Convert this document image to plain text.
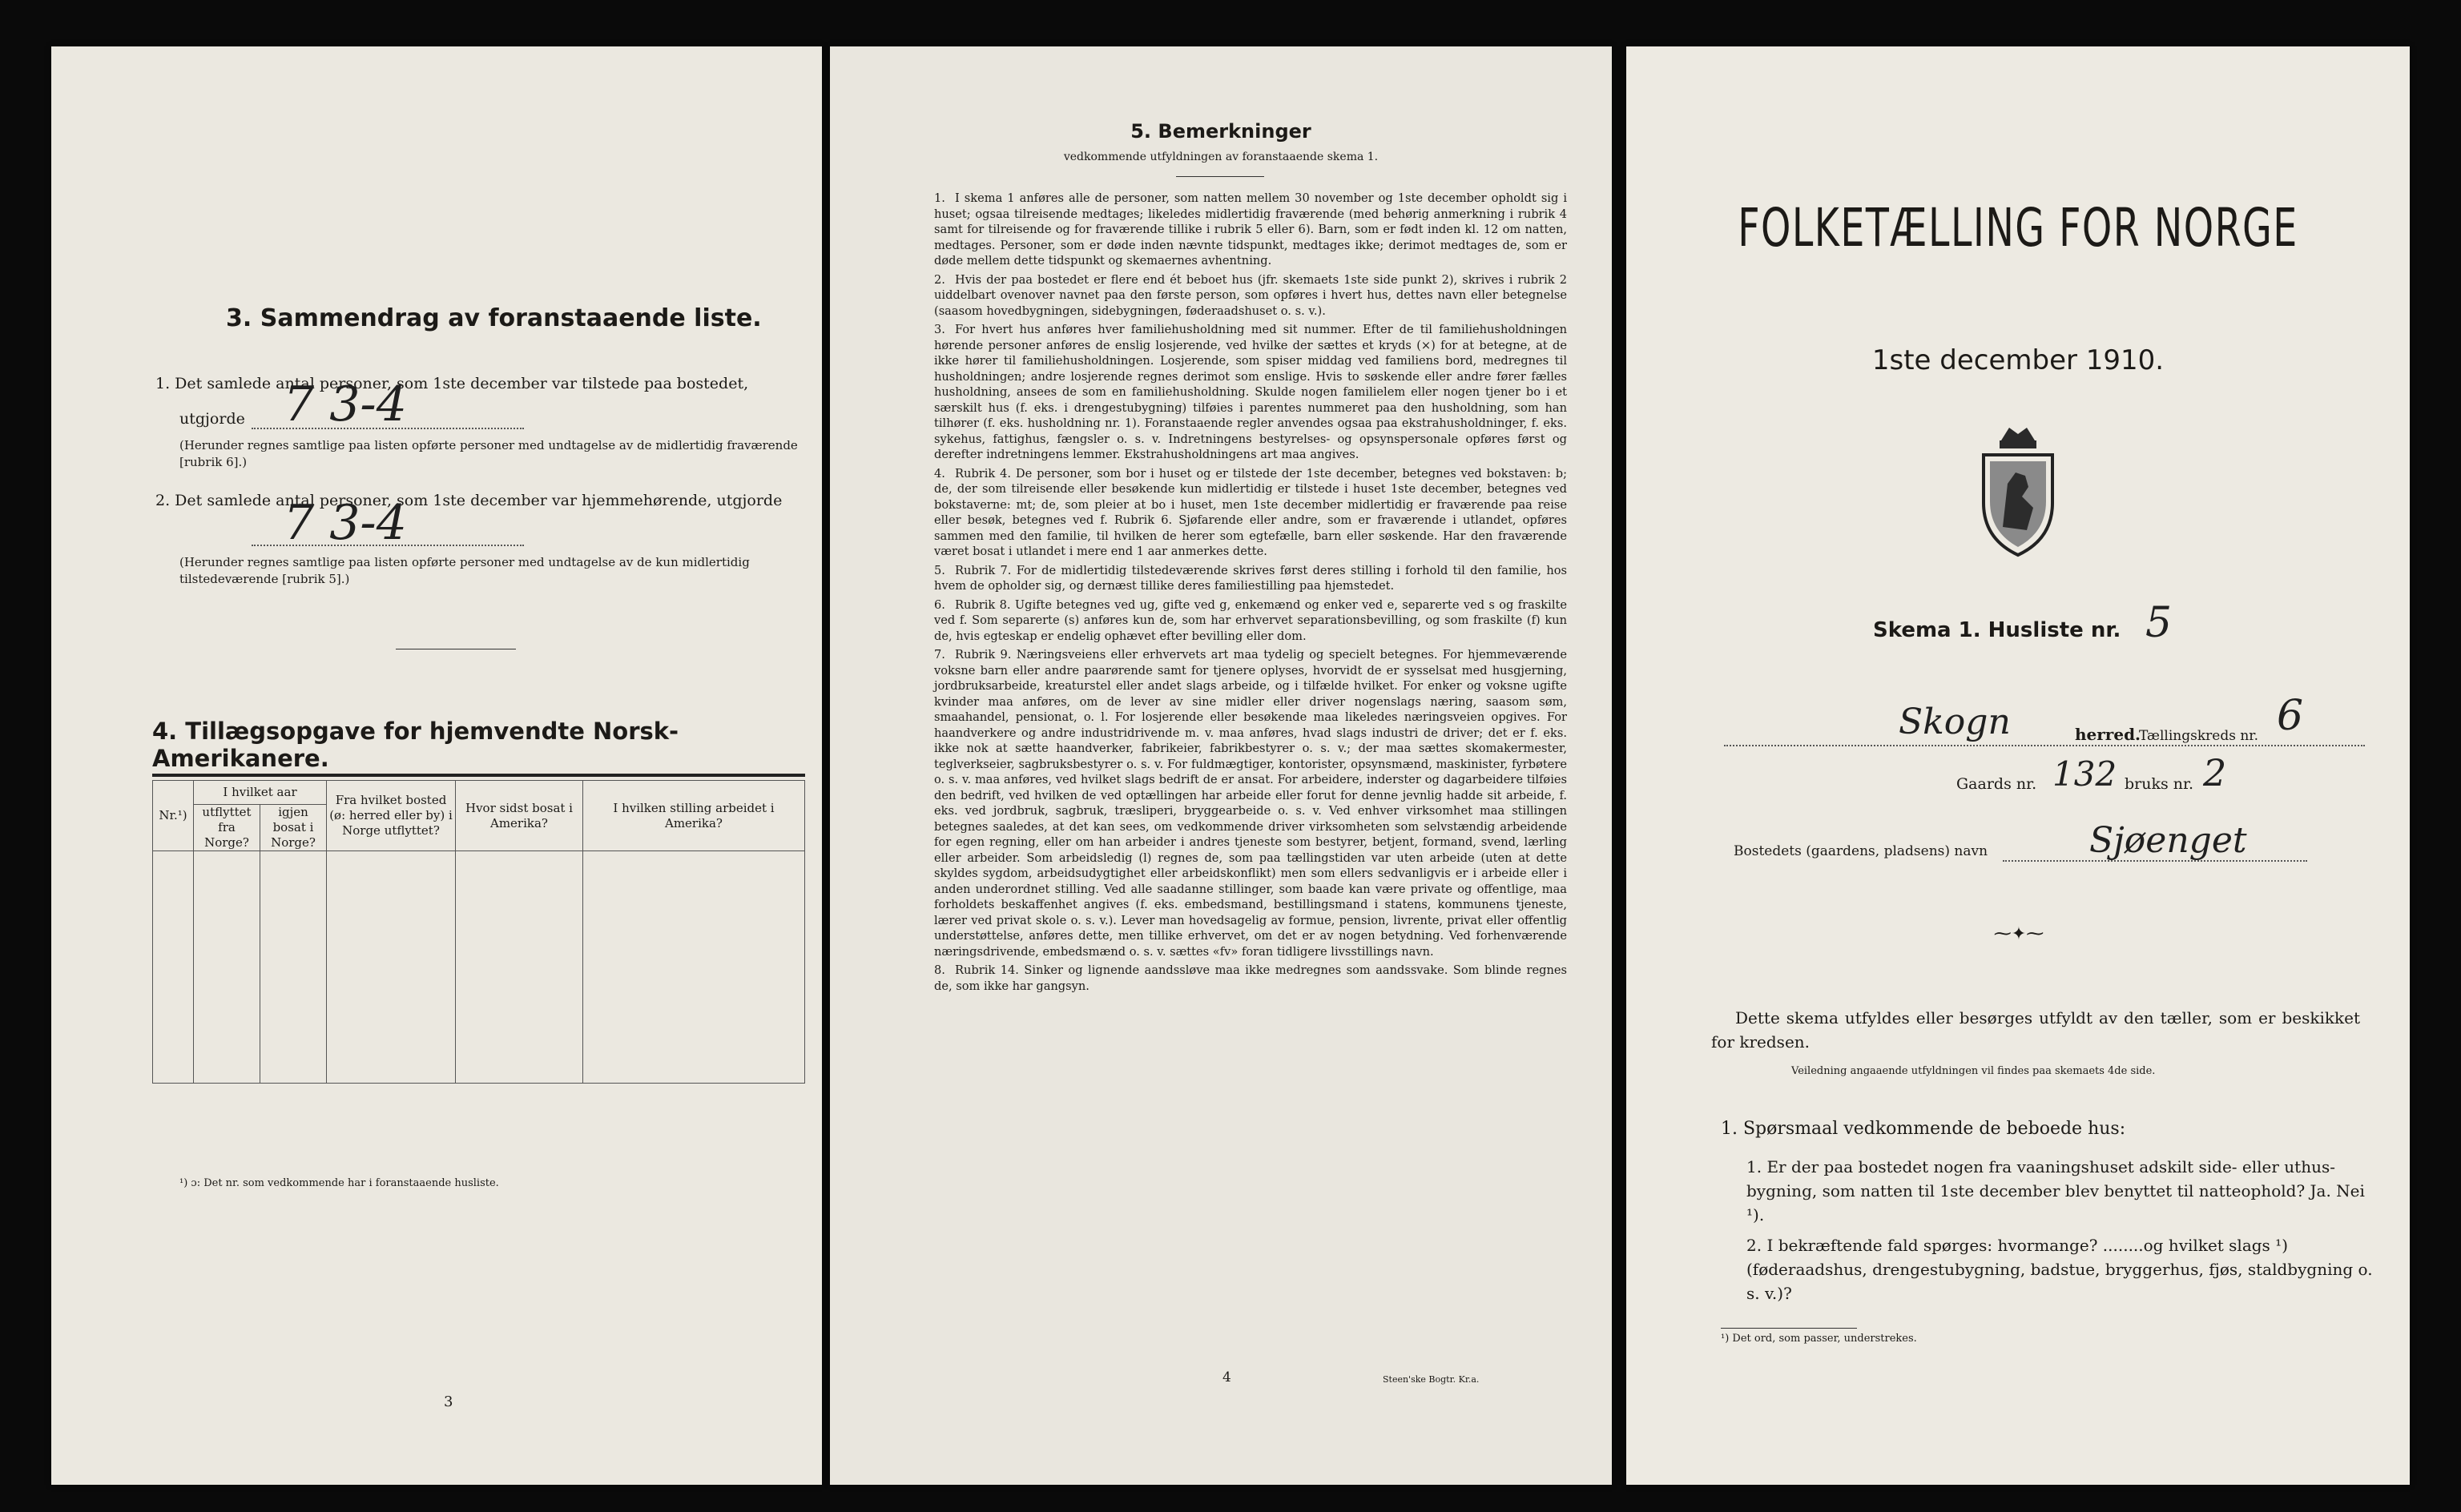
3. Sammendrag av foranstaaende liste.
1. Det samlede antal personer, som 1ste december var tilstede paa bostedet,
utgjorde 7 3-4
(Herunder regnes samtlige paa listen opførte personer med undtagelse av de midlertidig fraværende [rubrik 6].)
2. Det samlede antal personer, som 1ste december var hjemmehørende, utgjorde
7 3-4
(Herunder regnes samtlige paa listen opførte personer med undtagelse av de kun midlertidig tilstedeværende [rubrik 5].)
4. Tillægsopgave for hjemvendte Norsk-Amerikanere.
Nr.¹)	I hvilket aar		Fra hvilket bosted (ø: herred eller by) i Norge utflyttet?	Hvor sidst bosat i Amerika?	I hvilken stilling arbeidet i Amerika?
	utflyttet fra Norge?	igjen bosat i Norge?			

¹) ɔ: Det nr. som vedkommende har i foranstaaende husliste.
3
5. Bemerkninger
vedkommende utfyldningen av foranstaaende skema 1.

1. I skema 1 anføres alle de personer, som natten mellem 30 november og 1ste december opholdt sig i huset; ogsaa tilreisende medtages; likeledes midlertidig fraværende (med behørig anmerkning i rubrik 4 samt for tilreisende og for fraværende tillike i rubrik 5 eller 6). Barn, som er født inden kl. 12 om natten, medtages. Personer, som er døde inden nævnte tidspunkt, medtages ikke; derimot medtages de, som er døde mellem dette tidspunkt og skemaernes avhentning.

2. Hvis der paa bostedet er flere end ét beboet hus (jfr. skemaets 1ste side punkt 2), skrives i rubrik 2 uiddelbart ovenover navnet paa den første person, som opføres i hvert hus, dettes navn eller betegnelse (saasom hovedbygningen, sidebygningen, føderaadshuset o. s. v.).

3. For hvert hus anføres hver familiehusholdning med sit nummer. Efter de til familiehusholdningen hørende personer anføres de enslig losjerende, ved hvilke der sættes et kryds (×) for at betegne, at de ikke hører til familiehusholdningen. Losjerende, som spiser middag ved familiens bord, medregnes til husholdningen; andre losjerende regnes derimot som enslige. Hvis to søskende eller andre fører fælles husholdning, ansees de som en familiehusholdning. Skulde nogen familielem eller nogen tjener bo i et særskilt hus (f. eks. i drengestubygning) tilføies i parentes nummeret paa den husholdning, som han tilhører (f. eks. husholdning nr. 1). Foranstaaende regler anvendes ogsaa paa ekstrahusholdninger, f. eks. sykehus, fattighus, fængsler o. s. v. Indretningens bestyrelses- og opsynspersonale opføres først og derefter indretningens lemmer. Ekstrahusholdningens art maa angives.

4. Rubrik 4. De personer, som bor i huset og er tilstede der 1ste december, betegnes ved bokstaven: b; de, der som tilreisende eller besøkende kun midlertidig er tilstede i huset 1ste december, betegnes ved bokstaverne: mt; de, som pleier at bo i huset, men 1ste december midlertidig er fraværende paa reise eller besøk, betegnes ved f. Rubrik 6. Sjøfarende eller andre, som er fraværende i utlandet, opføres sammen med den familie, til hvilken de herer som egtefælle, barn eller søskende. Har den fraværende været bosat i utlandet i mere end 1 aar anmerkes dette.

5. Rubrik 7. For de midlertidig tilstedeværende skrives først deres stilling i forhold til den familie, hos hvem de opholder sig, og dernæst tillike deres familiestilling paa hjemstedet.

6. Rubrik 8. Ugifte betegnes ved ug, gifte ved g, enkemænd og enker ved e, separerte ved s og fraskilte ved f. Som separerte (s) anføres kun de, som har erhvervet separationsbevilling, og som fraskilte (f) kun de, hvis egteskap er endelig ophævet efter bevilling eller dom.

7. Rubrik 9. Næringsveiens eller erhvervets art maa tydelig og specielt betegnes. For hjemmeværende voksne barn eller andre paarørende samt for tjenere oplyses, hvorvidt de er sysselsat med husgjerning, jordbruksarbeide, kreaturstel eller andet slags arbeide, og i tilfælde hvilket. For enker og voksne ugifte kvinder maa anføres, om de lever av sine midler eller driver nogenslags næring, saasom søm, smaahandel, pensionat, o. l. For losjerende eller besøkende maa likeledes næringsveien opgives. For haandverkere og andre industridrivende m. v. maa anføres, hvad slags industri de driver; det er f. eks. ikke nok at sætte haandverker, fabrikeier, fabrikbestyrer o. s. v.; der maa sættes skomakermester, teglverkseier, sagbruksbestyrer o. s. v. For fuldmægtiger, kontorister, opsynsmænd, maskinister, fyrbøtere o. s. v. maa anføres, ved hvilket slags bedrift de er ansat. For arbeidere, inderster og dagarbeidere tilføies den bedrift, ved hvilken de ved optællingen har arbeide eller forut for denne jevnlig hadde sit arbeide, f. eks. ved jordbruk, sagbruk, træsliperi, bryggearbeide o. s. v. Ved enhver virksomhet maa stillingen betegnes saaledes, at det kan sees, om vedkommende driver virksomheten som selvstændig arbeidende for egen regning, eller om han arbeider i andres tjeneste som bestyrer, betjent, formand, svend, lærling eller arbeider. Som arbeidsledig (l) regnes de, som paa tællingstiden var uten arbeide (uten at dette skyldes sygdom, arbeidsudygtighet eller arbeidskonflikt) men som ellers sedvanligvis er i arbeide eller i anden underordnet stilling. Ved alle saadanne stillinger, som baade kan være private og offentlige, maa forholdets beskaffenhet angives (f. eks. embedsmand, bestillingsmand i statens, kommunens tjeneste, lærer ved privat skole o. s. v.). Lever man hovedsagelig av formue, pension, livrente, privat eller offentlig understøttelse, anføres dette, men tillike erhvervet, om det er av nogen betydning. Ved forhenværende næringsdrivende, embedsmænd o. s. v. sættes «fv» foran tidligere livsstillings navn.

8. Rubrik 14. Sinker og lignende aandssløve maa ikke medregnes som aandssvake. Som blinde regnes de, som ikke har gangsyn.

4	Steen'ske Bogtr. Kr.a.
FOLKETÆLLING FOR NORGE
1ste december 1910.
Skema 1. Husliste nr. 5
Skogn	herred.
Tællingskreds nr. 6
Gaards nr. 132 bruks nr. 2
Bostedets (gaardens, pladsens) navn	Sjøenget
⁓✦⁓
Dette skema utfyldes eller besørges utfyldt av den tæller, som er beskikket for kredsen.
Veiledning angaaende utfyldningen vil findes paa skemaets 4de side.
1. Spørsmaal vedkommende de beboede hus:
1. Er der paa bostedet nogen fra vaaningshuset adskilt side- eller uthus-bygning, som natten til 1ste december blev benyttet til natteophold? Ja. Nei ¹).
2. I bekræftende fald spørges: hvormange? ........og hvilket slags ¹) (føderaadshus, drengestubygning, badstue, bryggerhus, fjøs, staldbygning o. s. v.)?
¹) Det ord, som passer, understrekes.
